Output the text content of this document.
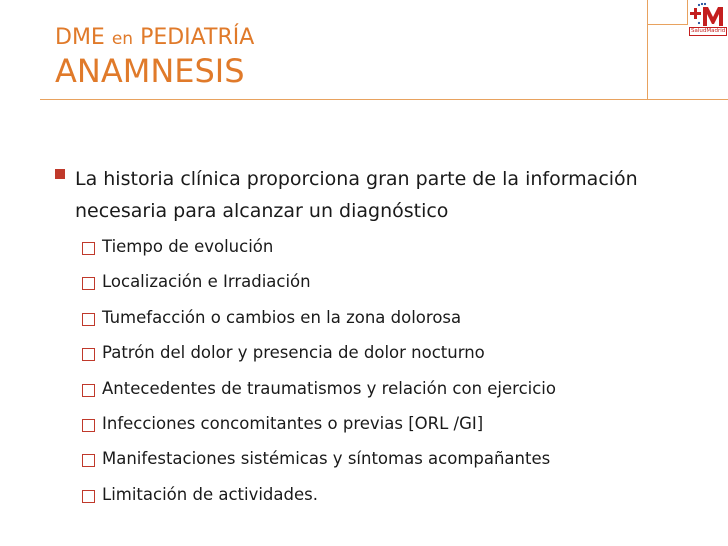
DME en PEDIATRÍA
ANAMNESIS
SaludMadrid
La historia clínica proporciona gran parte de la información necesaria para alcanzar un diagnóstico
Tiempo de evolución
Localización e Irradiación
Tumefacción o cambios en la zona dolorosa
Patrón del dolor y presencia de dolor nocturno
Antecedentes de traumatismos y relación con ejercicio
Infecciones concomitantes o previas [ORL /GI]
Manifestaciones sistémicas y síntomas acompañantes
Limitación de actividades.
